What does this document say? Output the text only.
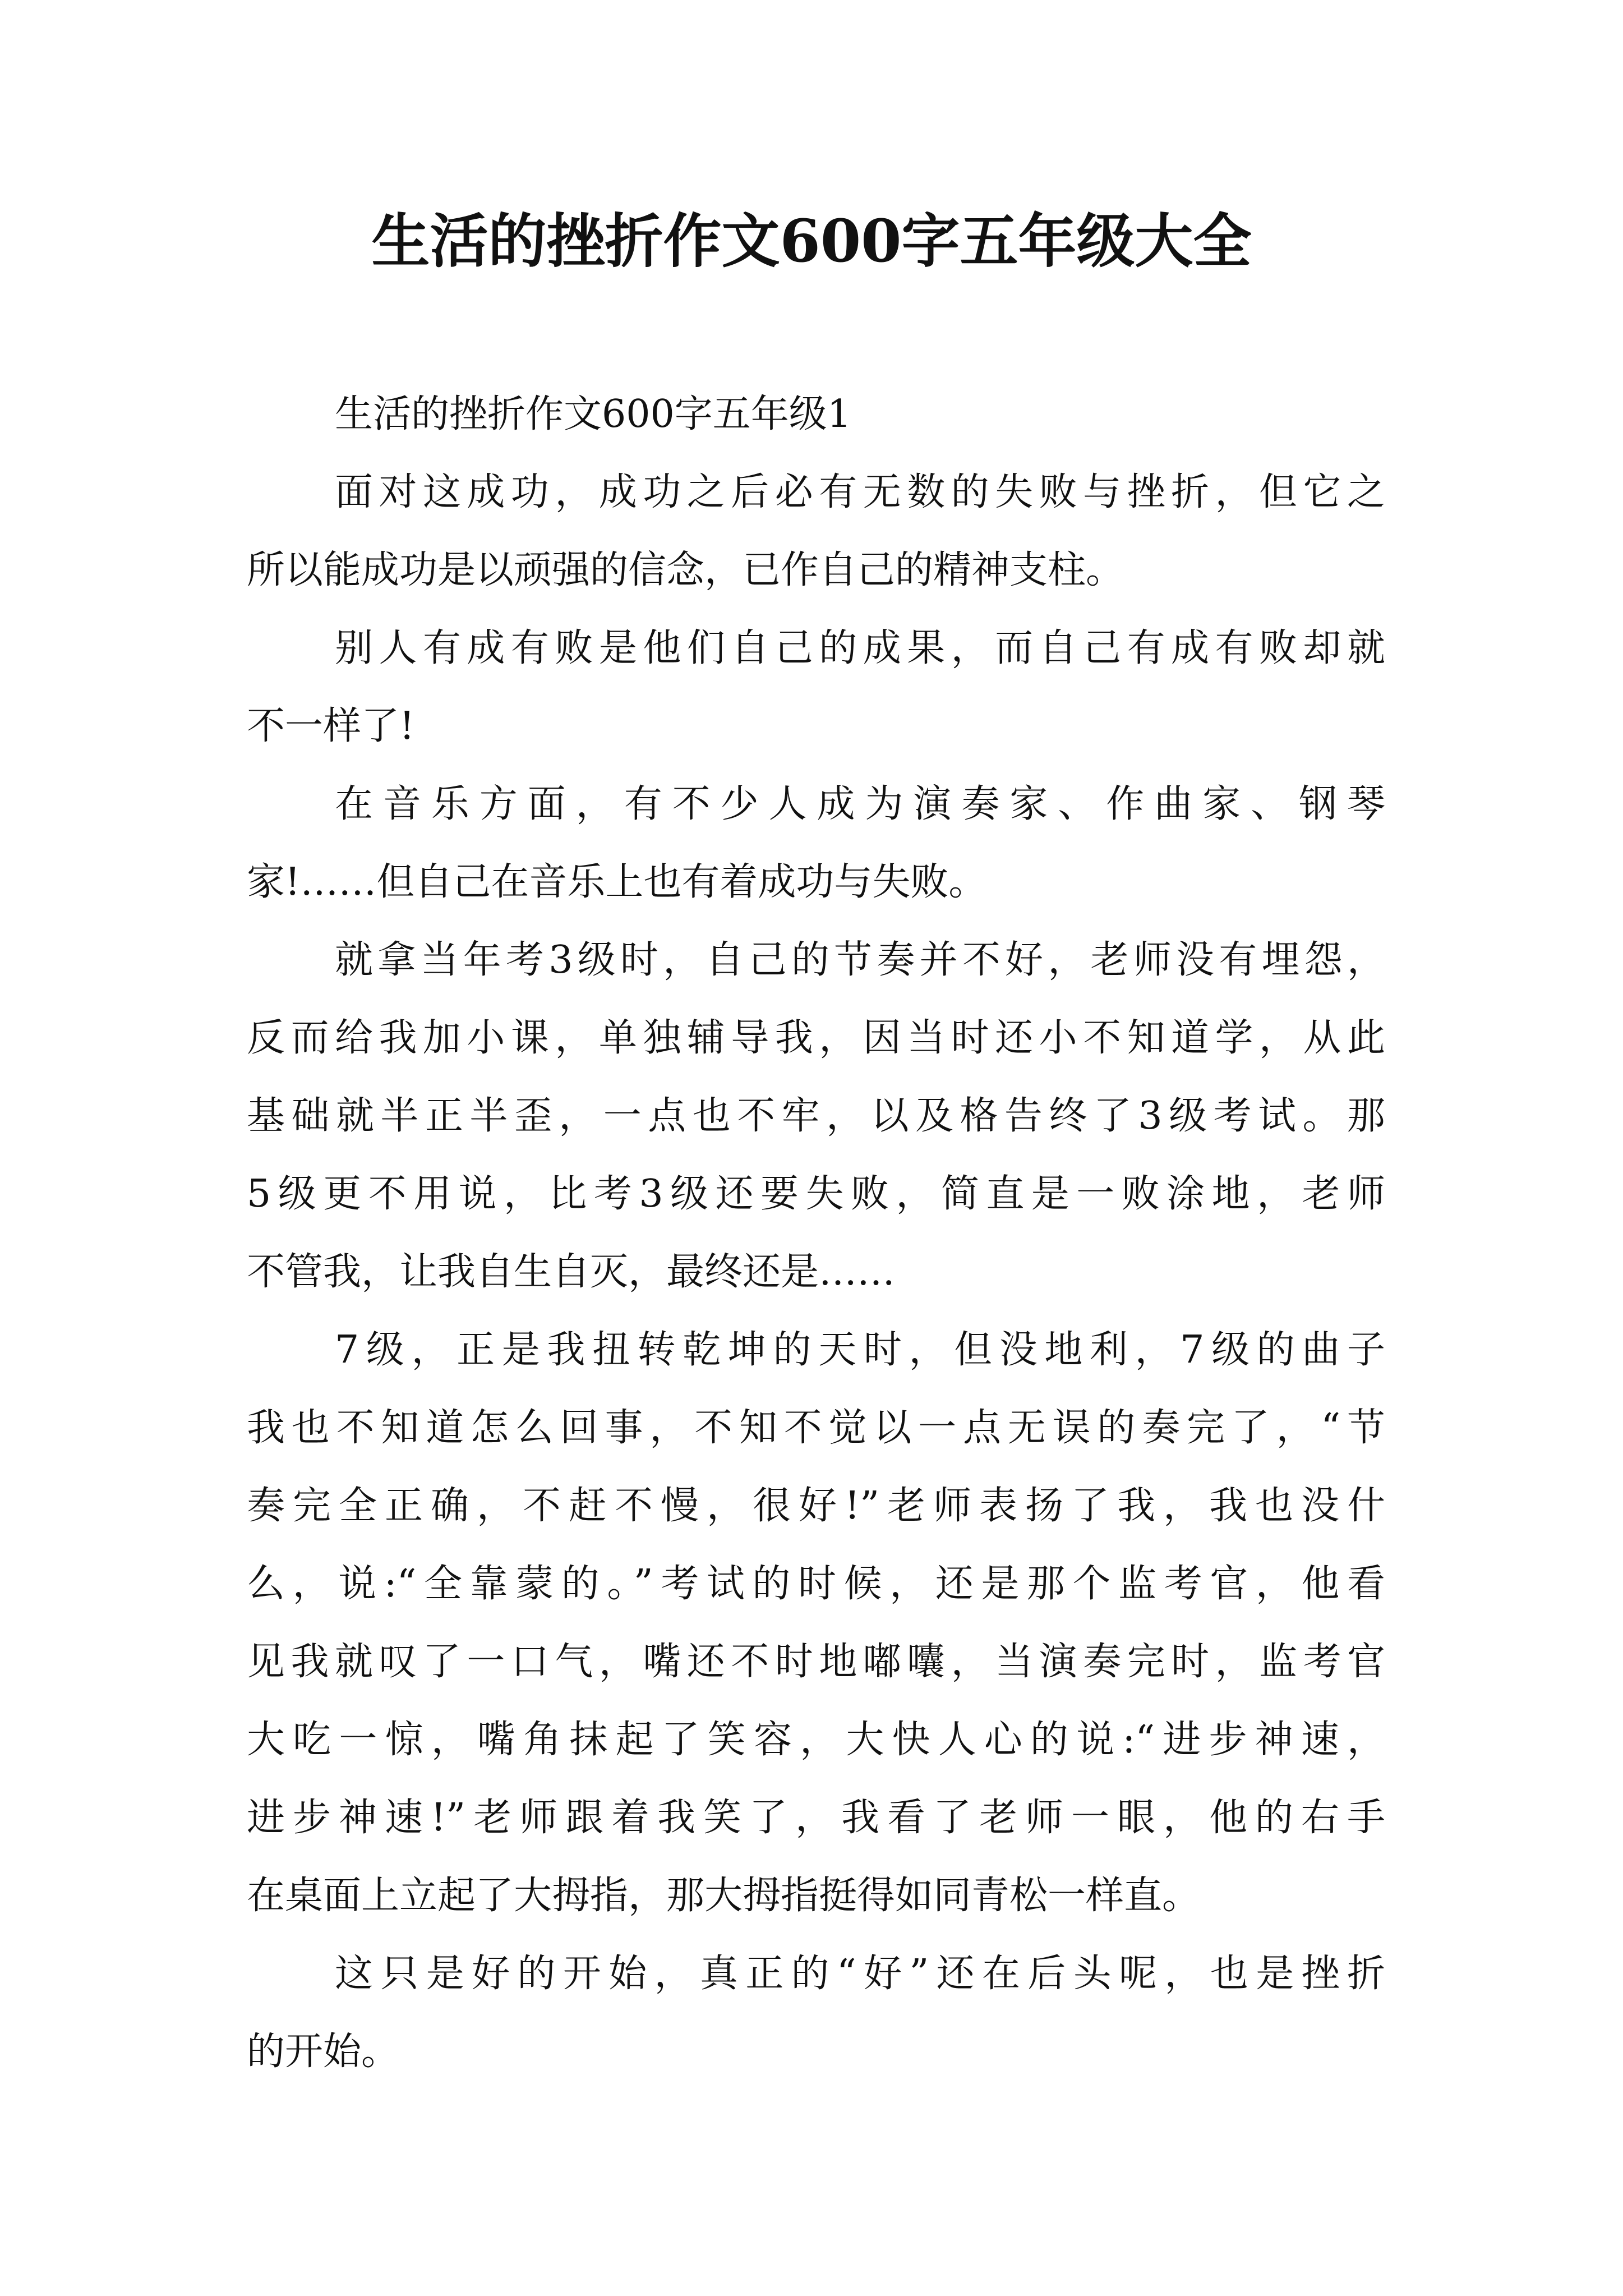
生活的挫折作文600字五年级大全
生活的挫折作文600字五年级1
面对这成功，成功之后必有无数的失败与挫折，但它之
所以能成功是以顽强的信念，已作自己的精神支柱。
别人有成有败是他们自己的成果，而自己有成有败却就
不一样了!
在音乐方面，有不少人成为演奏家、作曲家、钢琴
家!……但自己在音乐上也有着成功与失败。
就拿当年考3级时，自己的节奏并不好，老师没有埋怨，
反而给我加小课，单独辅导我，因当时还小不知道学，从此
基础就半正半歪，一点也不牢，以及格告终了3级考试。那
5级更不用说，比考3级还要失败，简直是一败涂地，老师
不管我，让我自生自灭，最终还是……
7级，正是我扭转乾坤的天时，但没地利，7级的曲子
我也不知道怎么回事，不知不觉以一点无误的奏完了，“节
奏完全正确，不赶不慢，很好!”老师表扬了我，我也没什
么，说:“全靠蒙的。”考试的时候，还是那个监考官，他看
见我就叹了一口气，嘴还不时地嘟囔，当演奏完时，监考官
大吃一惊，嘴角抹起了笑容，大快人心的说:“进步神速，
进步神速!”老师跟着我笑了，我看了老师一眼，他的右手
在桌面上立起了大拇指，那大拇指挺得如同青松一样直。
这只是好的开始，真正的“好”还在后头呢，也是挫折
的开始。
